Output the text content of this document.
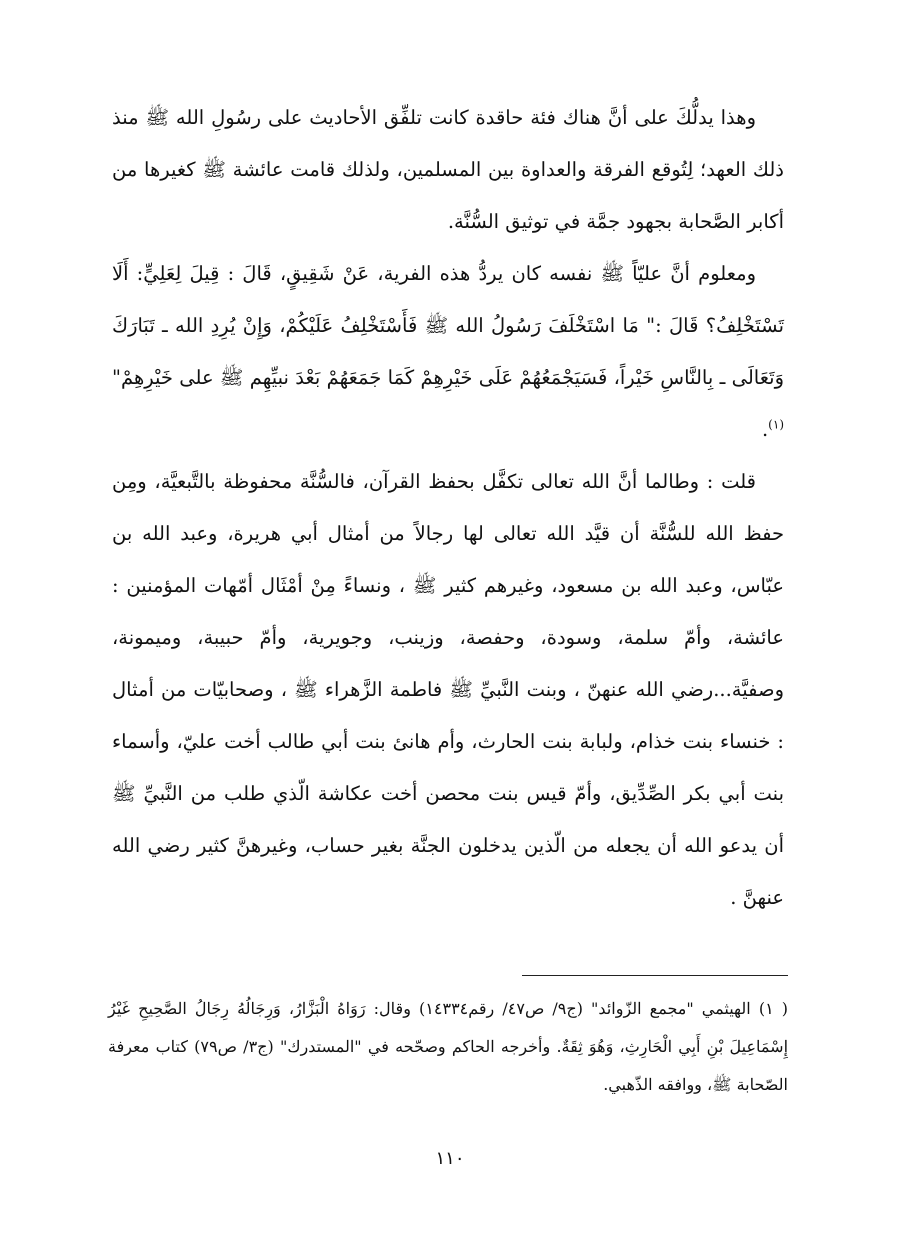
وهذا يدلُّكَ على أنَّ هناك فئة حاقدة كانت تلفِّق الأحاديث على رسُولِ الله ﷺ منذ ذلك العهد؛ لِتُوقع الفرقة والعداوة بين المسلمين، ولذلك قامت عائشة ﷺ كغيرها من أكابر الصَّحابة بجهود جمَّة في توثيق السُّنَّة.

ومعلوم أنَّ عليّاً ﷺ نفسه كان يردُّ هذه الفرية، عَنْ شَقِيقٍ، قَالَ : قِيلَ لِعَلِيٍّ: أَلَا تَسْتَخْلِفُ؟ قَالَ :" مَا اسْتَخْلَفَ رَسُولُ الله ﷺ فَأَسْتَخْلِفُ عَلَيْكُمْ، وَإِنْ يُرِدِ الله ـ تَبَارَكَ وَتَعَالَى ـ بِالنَّاسِ خَيْراً، فَسَيَجْمَعُهُمْ عَلَى خَيْرِهِمْ كَمَا جَمَعَهُمْ بَعْدَ نبيِّهِم ﷺ على خَيْرِهِمْ"$^{(١)}$.

قلت : وطالما أنَّ الله تعالى تكفَّل بحفظ القرآن، فالسُّنَّة محفوظة بالتَّبعيَّة، ومِن حفظ الله للسُّنَّة أن قيَّد الله تعالى لها رجالاً من أمثال أبي هريرة، وعبد الله بن عبّاس، وعبد الله بن مسعود، وغيرهم كثير ﷺ ، ونساءً مِنْ أمْثَال أمّهات المؤمنين : عائشة، وأمّ سلمة، وسودة، وحفصة، وزينب، وجويرية، وأمّ حبيبة، وميمونة، وصفيَّة...رضي الله عنهنّ ، وبنت النَّبيِّ ﷺ فاطمة الزَّهراء ﷺ ، وصحابيّات من أمثال : خنساء بنت خذام، ولبابة بنت الحارث، وأم هانئ بنت أبي طالب أخت عليّ، وأسماء بنت أبي بكر الصِّدِّيق، وأمّ قيس بنت محصن أخت عكاشة الّذي طلب من النَّبيِّ ﷺ أن يدعو الله أن يجعله من الّذين يدخلون الجنَّة بغير حساب، وغيرهنَّ كثير رضي الله عنهنَّ .

( ١) الهيثمي "مجمع الزّوائد" (ج٩/ ص٤٧/ رقم١٤٣٣٤) وقال: رَوَاهُ الْبَزَّارُ، وَرِجَالُهُ رِجَالُ الصَّحِيحِ غَيْرُ إِسْمَاعِيلَ بْنِ أَبِي الْحَارِثِ، وَهُوَ ثِقَةٌ. وأخرجه الحاكم وصحّحه في "المستدرك" (ج٣/ ص٧٩) كتاب معرفة الصّحابة ﷺ، ووافقه الذّهبي.

١١٠
